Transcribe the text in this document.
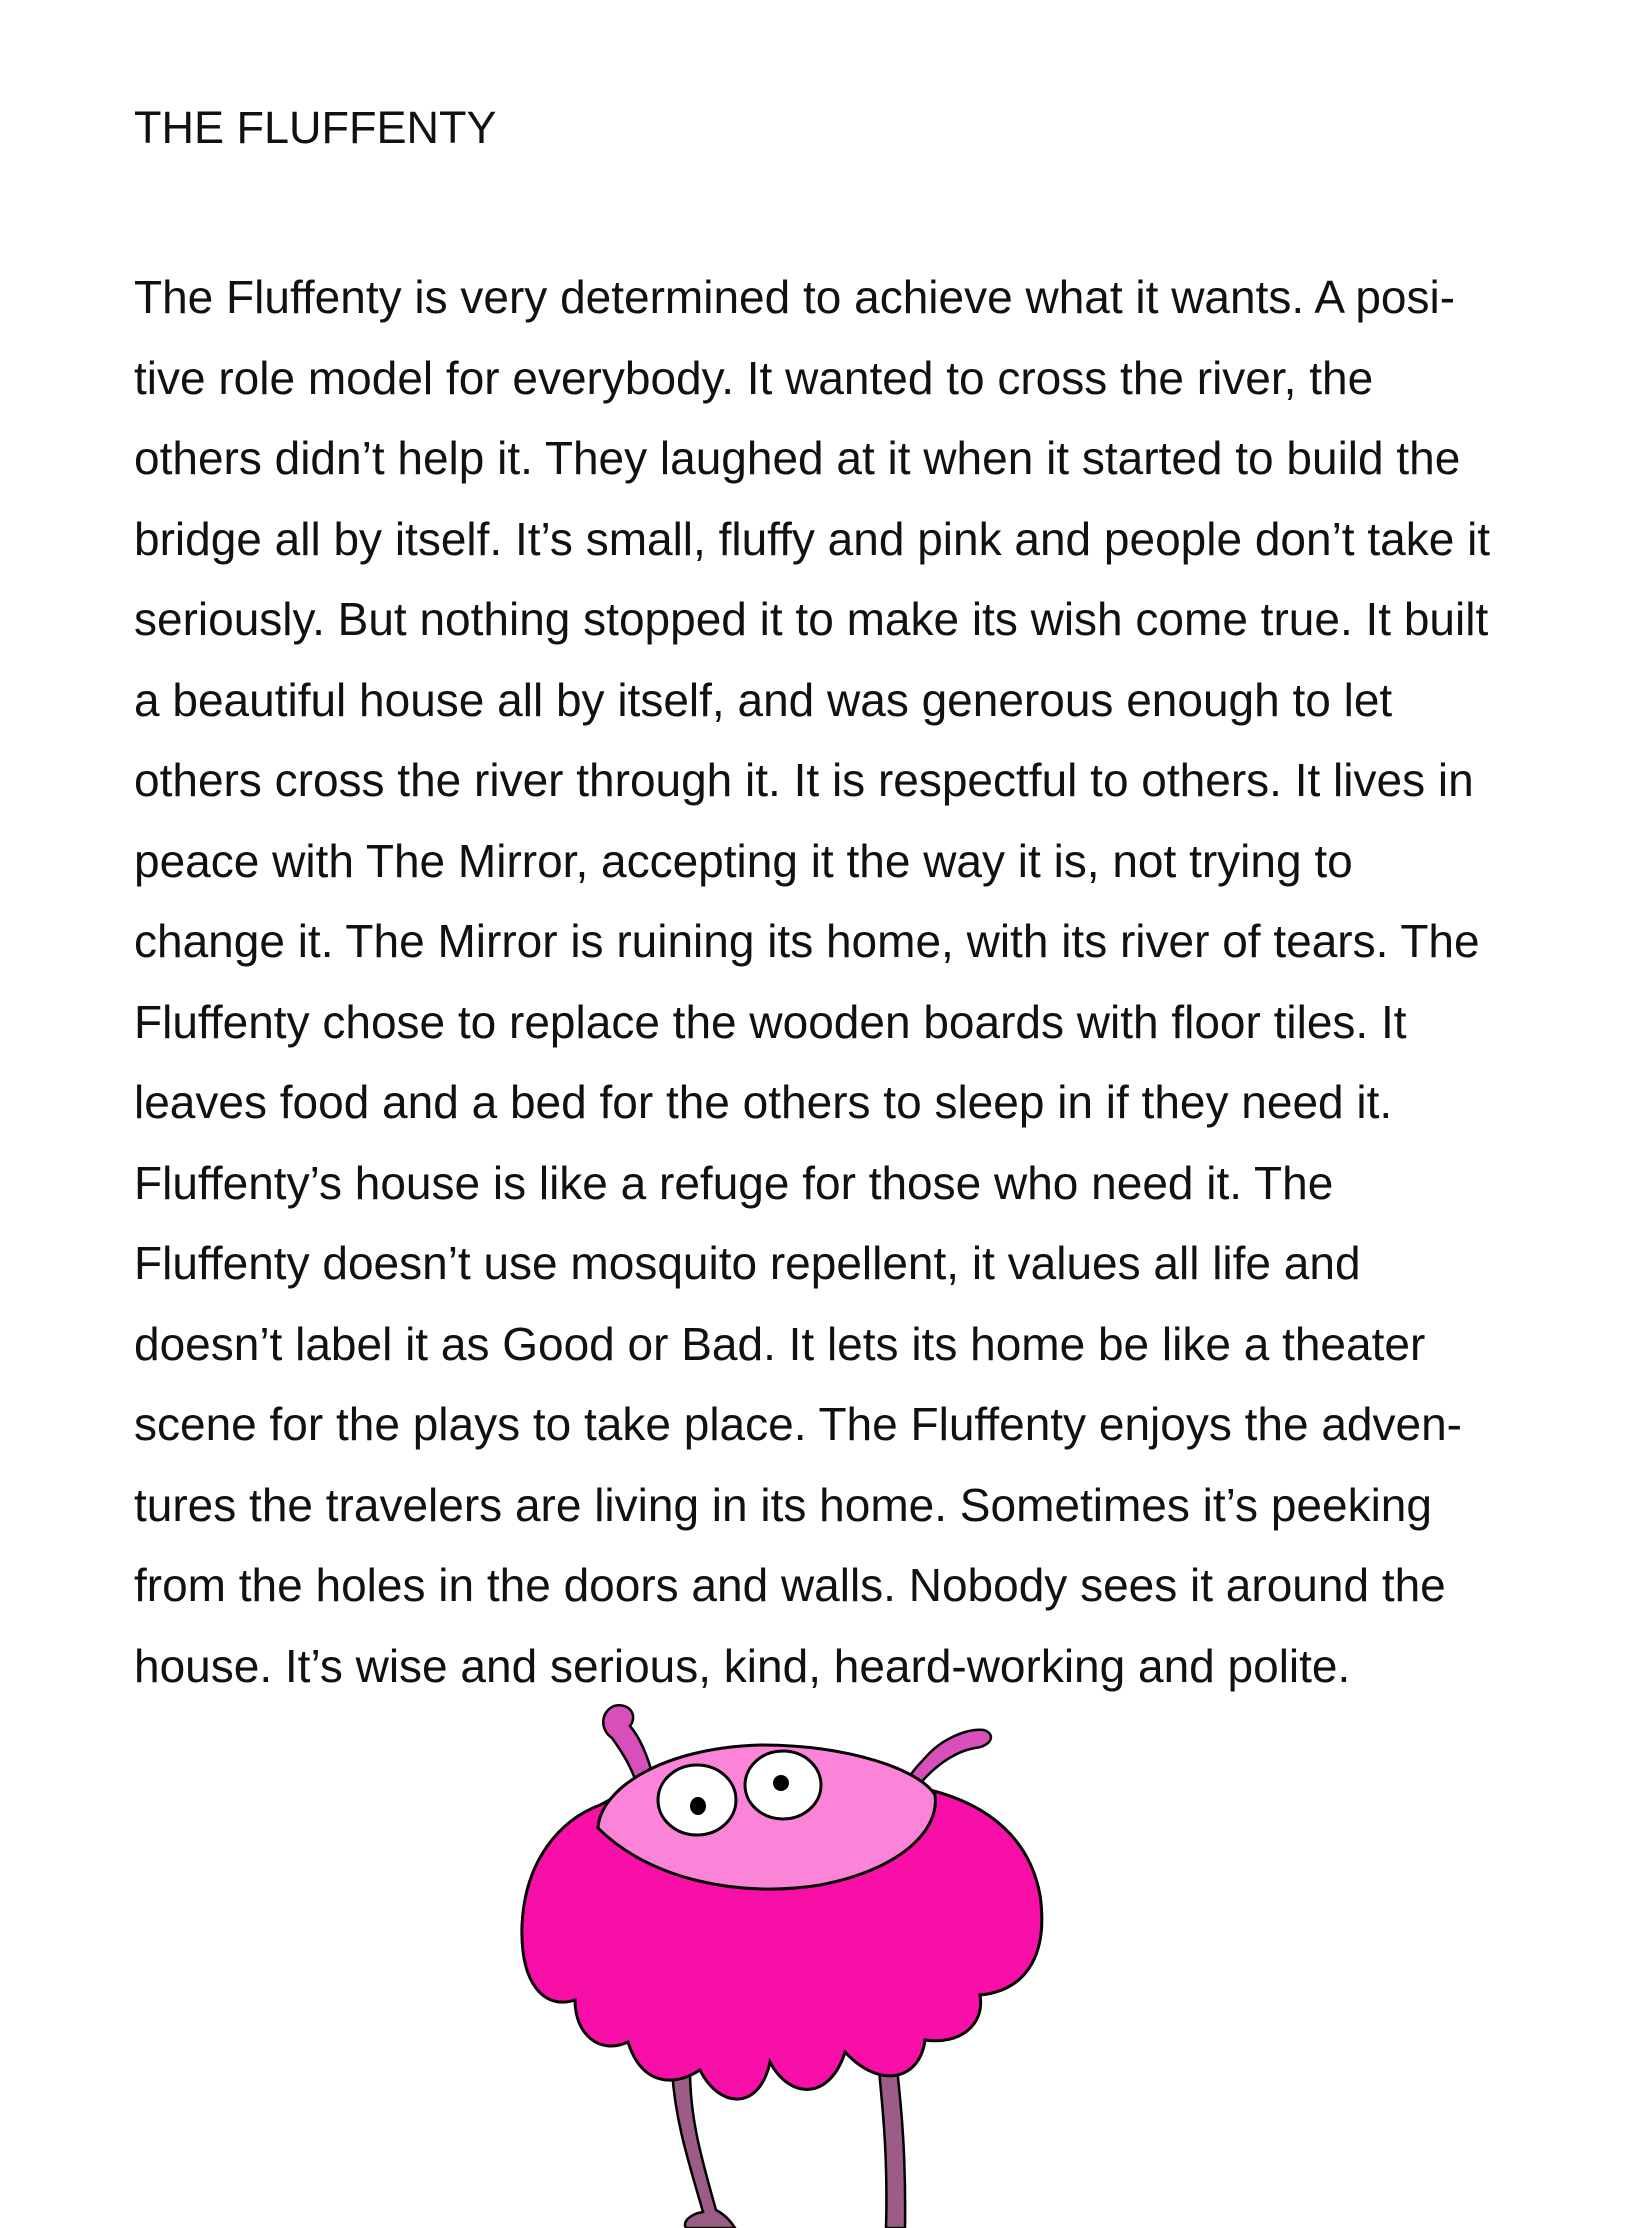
THE FLUFFENTY
The Fluffenty is very determined to achieve what it wants. A posi-
tive role model for everybody. It wanted to cross the river, the
others didn’t help it. They laughed at it when it started to build the
bridge all by itself. It’s small, fluffy and pink and people don’t take it
seriously. But nothing stopped it to make its wish come true. It built
a beautiful house all by itself, and was generous enough to let
others cross the river through it. It is respectful to others. It lives in
peace with The Mirror, accepting it the way it is, not trying to
change it. The Mirror is ruining its home, with its river of tears. The
Fluffenty chose to replace the wooden boards with floor tiles. It
leaves food and a bed for the others to sleep in if they need it.
Fluffenty’s house is like a refuge for those who need it. The
Fluffenty doesn’t use mosquito repellent, it values all life and
doesn’t label it as Good or Bad. It lets its home be like a theater
scene for the plays to take place. The Fluffenty enjoys the adven-
tures the travelers are living in its home. Sometimes it’s peeking
from the holes in the doors and walls. Nobody sees it around the
house. It’s wise and serious, kind, heard-working and polite.
